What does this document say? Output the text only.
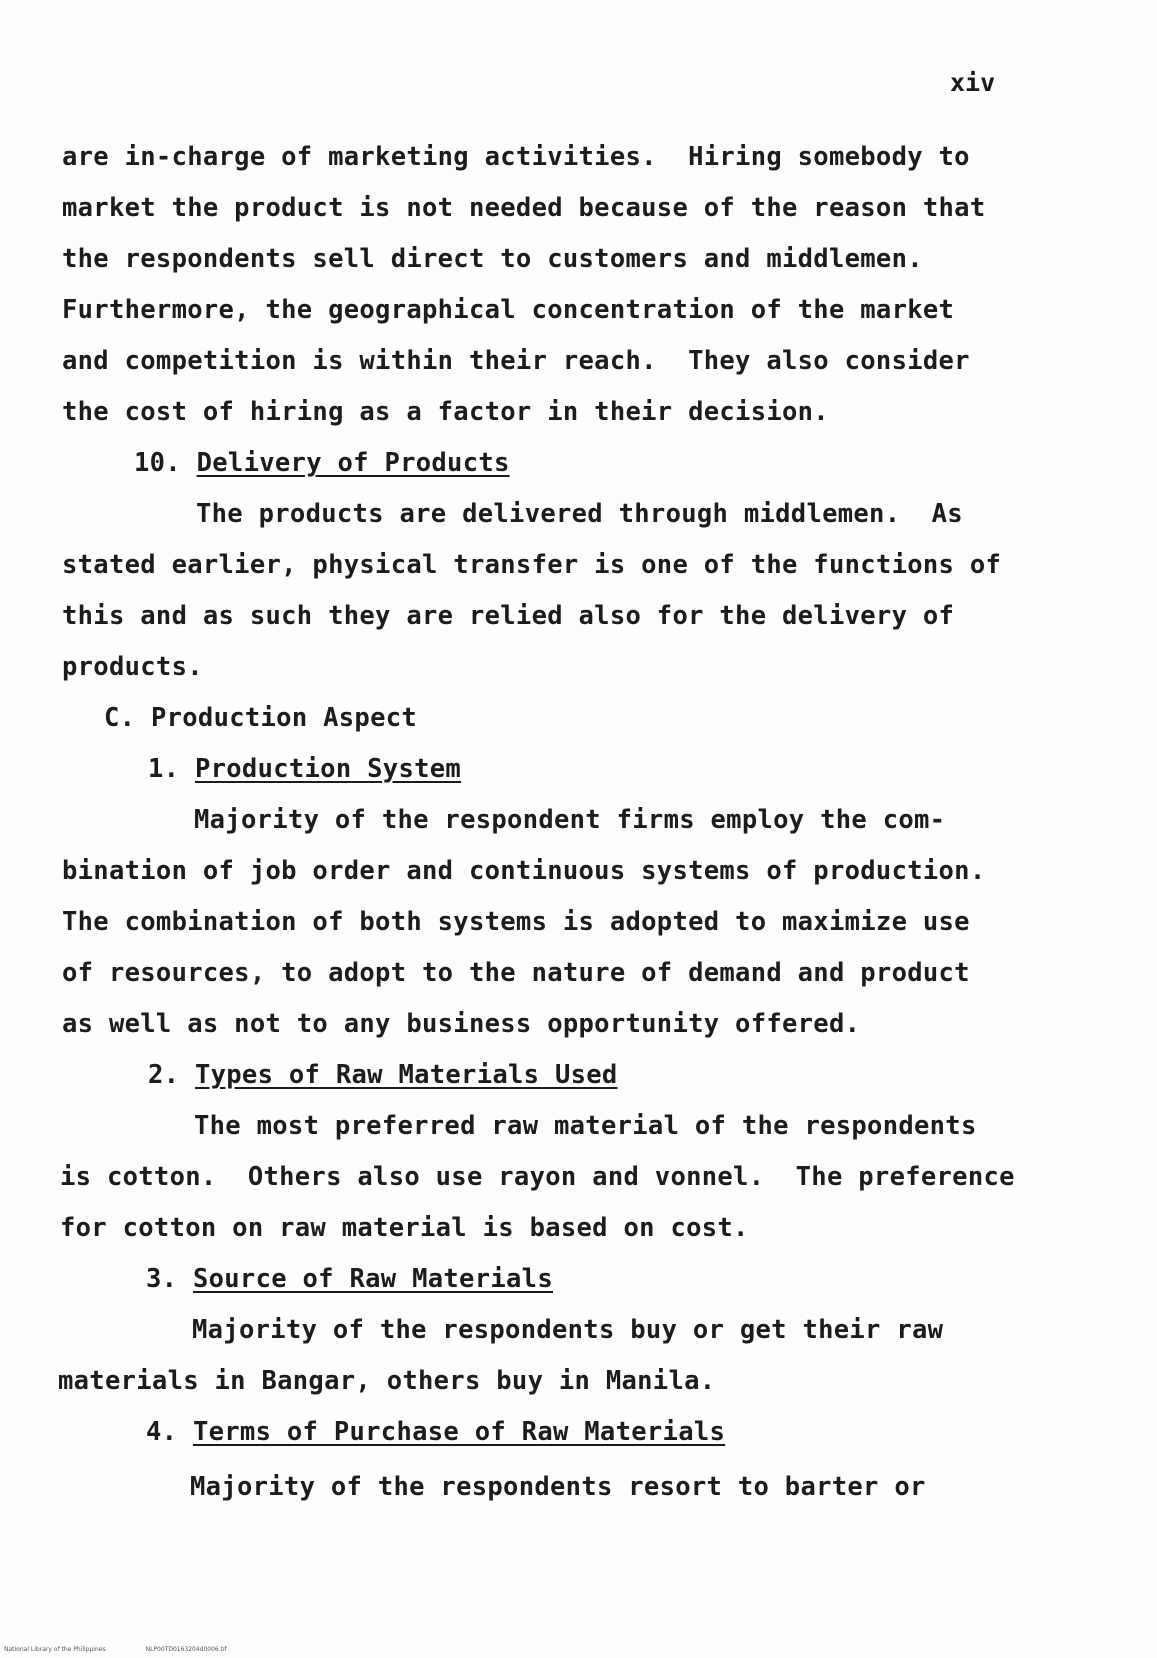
xiv
are in-charge of marketing activities.  Hiring somebody to
market the product is not needed because of the reason that
the respondents sell direct to customers and middlemen.
Furthermore, the geographical concentration of the market
and competition is within their reach.  They also consider
the cost of hiring as a factor in their decision.
10. Delivery of Products
The products are delivered through middlemen.  As
stated earlier, physical transfer is one of the functions of
this and as such they are relied also for the delivery of
products.
C. Production Aspect
1. Production System
Majority of the respondent firms employ the com-
bination of job order and continuous systems of production.
The combination of both systems is adopted to maximize use
of resources, to adopt to the nature of demand and product
as well as not to any business opportunity offered.
2. Types of Raw Materials Used
The most preferred raw material of the respondents
is cotton.  Others also use rayon and vonnel.  The preference
for cotton on raw material is based on cost.
3. Source of Raw Materials
Majority of the respondents buy or get their raw
materials in Bangar, others buy in Manila.
4. Terms of Purchase of Raw Materials
Majority of the respondents resort to barter or
National Library of the Philippines	NLP00TD0163204d0006.tif
